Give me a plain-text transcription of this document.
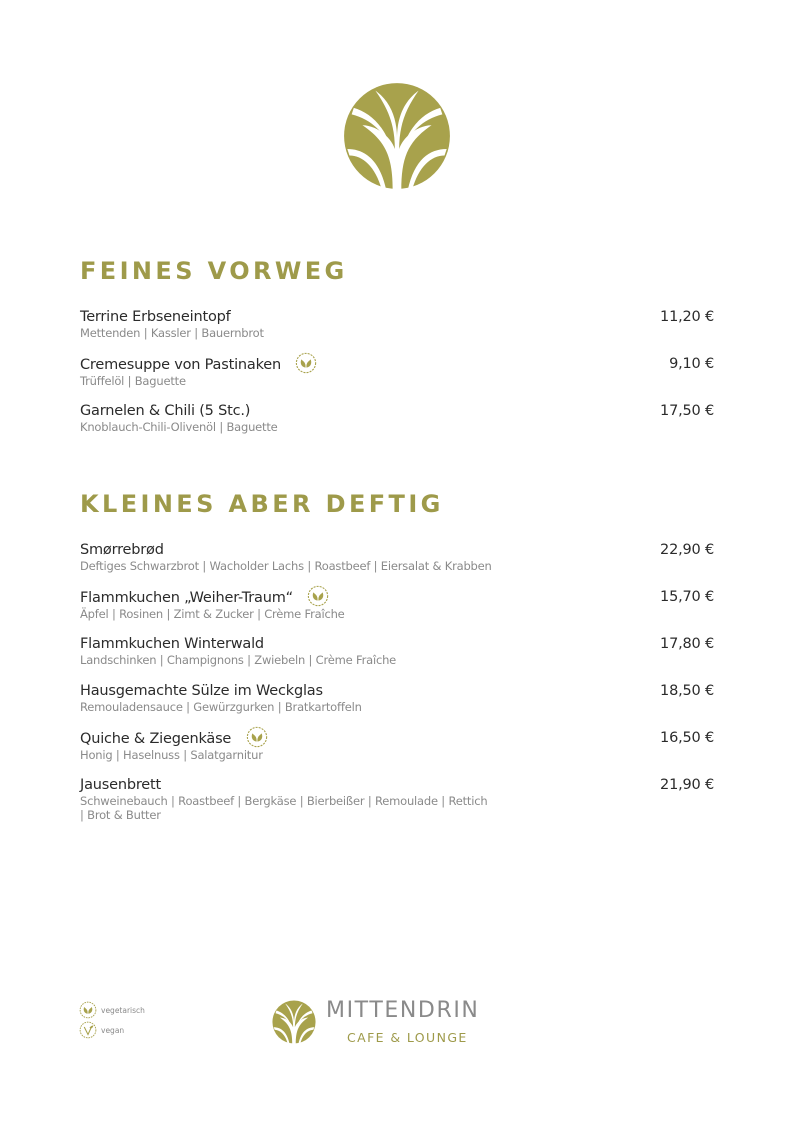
FEINES VORWEG
Terrine Erbseneintopf
Mettenden | Kassler | Bauernbrot
11,20 €
Cremesuppe von Pastinaken
Trüffelöl | Baguette
9,10 €
Garnelen & Chili (5 Stc.)
Knoblauch-Chili-Olivenöl | Baguette
17,50 €
KLEINES ABER DEFTIG
Smørrebrød
Deftiges Schwarzbrot | Wacholder Lachs | Roastbeef | Eiersalat & Krabben
22,90 €
Flammkuchen „Weiher-Traum“
Äpfel | Rosinen | Zimt & Zucker | Crème Fraîche
15,70 €
Flammkuchen Winterwald
Landschinken | Champignons | Zwiebeln | Crème Fraîche
17,80 €
Hausgemachte Sülze im Weckglas
Remouladensauce | Gewürzgurken | Bratkartoffeln
18,50 €
Quiche & Ziegenkäse
Honig | Haselnuss | Salatgarnitur
16,50 €
Jausenbrett
Schweinebauch | Roastbeef | Bergkäse | Bierbeißer | Remoulade | Rettich | Brot & Butter
21,90 €
vegetarisch
vegan
MITTENDRIN
CAFE & LOUNGE
